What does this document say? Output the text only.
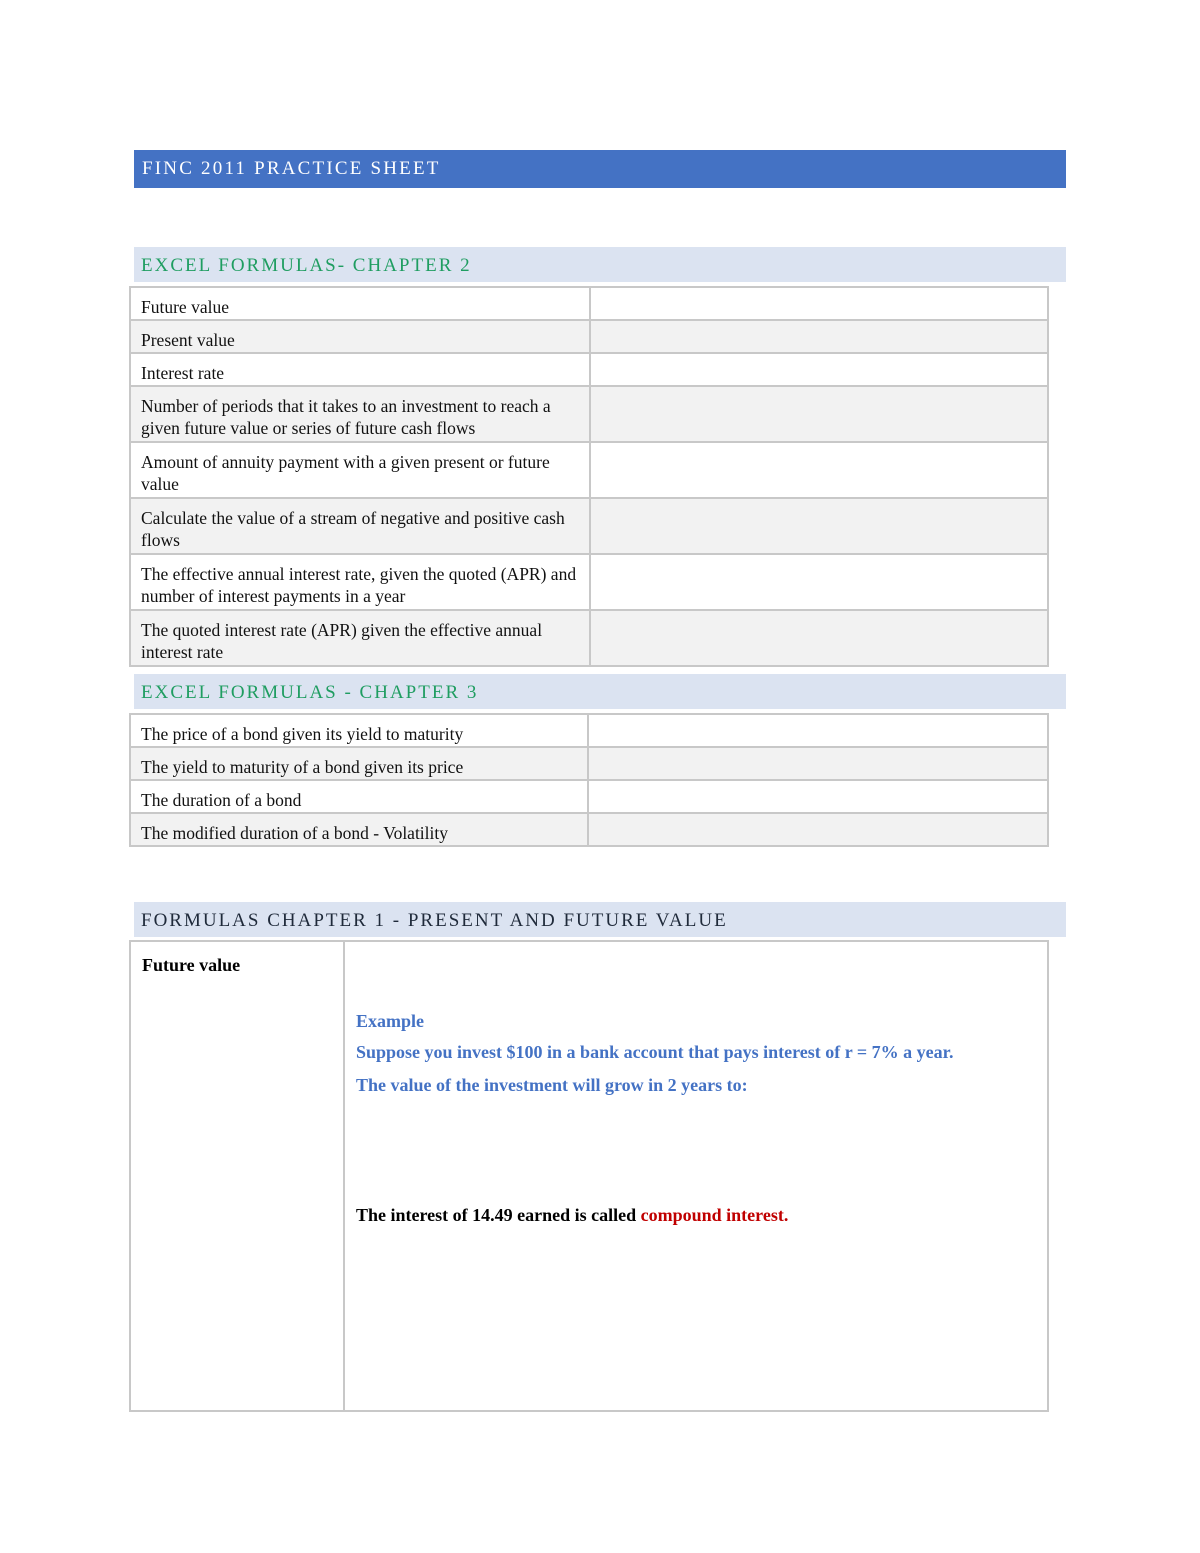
FINC 2011 PRACTICE SHEET
EXCEL FORMULAS- CHAPTER 2
Future value	
Present value	
Interest rate	
Number of periods that it takes to an investment to reach a given future value or series of future cash flows	
Amount of annuity payment with a given present or future value	
Calculate the value of a stream of negative and positive cash flows	
The effective annual interest rate, given the quoted (APR) and number of interest payments in a year	
The quoted interest rate (APR) given the effective annual interest rate	
EXCEL FORMULAS - CHAPTER 3
The price of a bond given its yield to maturity	
The yield to maturity of a bond given its price	
The duration of a bond	
The modified duration of a bond - Volatility	
FORMULAS CHAPTER 1 - PRESENT AND FUTURE VALUE
Future value

Example
Suppose you invest $100 in a bank account that pays interest of r = 7% a year.
The value of the investment will grow in 2 years to:
The interest of 14.49 earned is called compound interest.
